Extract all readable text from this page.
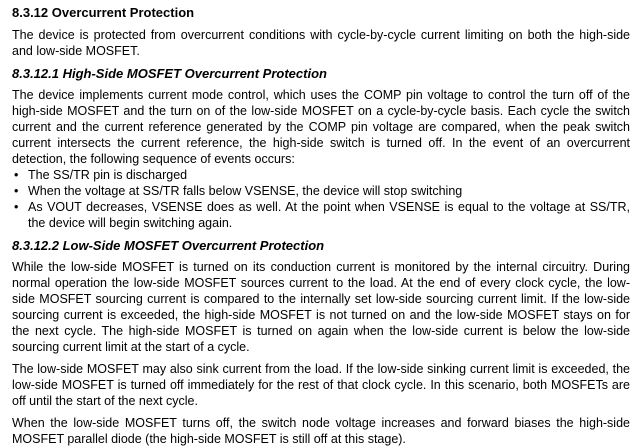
8.3.12 Overcurrent Protection

The device is protected from overcurrent conditions with cycle-by-cycle current limiting on both the high-side and low-side MOSFET.

8.3.12.1 High-Side MOSFET Overcurrent Protection

The device implements current mode control, which uses the COMP pin voltage to control the turn off of the high-side MOSFET and the turn on of the low-side MOSFET on a cycle-by-cycle basis. Each cycle the switch current and the current reference generated by the COMP pin voltage are compared, when the peak switch current intersects the current reference, the high-side switch is turned off. In the event of an overcurrent detection, the following sequence of events occurs:

• The SS/TR pin is discharged
• When the voltage at SS/TR falls below VSENSE, the device will stop switching
• As VOUT decreases, VSENSE does as well. At the point when VSENSE is equal to the voltage at SS/TR, the device will begin switching again.
8.3.12.2 Low-Side MOSFET Overcurrent Protection

While the low-side MOSFET is turned on its conduction current is monitored by the internal circuitry. During normal operation the low-side MOSFET sources current to the load. At the end of every clock cycle, the low-side MOSFET sourcing current is compared to the internally set low-side sourcing current limit. If the low-side sourcing current is exceeded, the high-side MOSFET is not turned on and the low-side MOSFET stays on for the next cycle. The high-side MOSFET is turned on again when the low-side current is below the low-side sourcing current limit at the start of a cycle.

The low-side MOSFET may also sink current from the load. If the low-side sinking current limit is exceeded, the low-side MOSFET is turned off immediately for the rest of that clock cycle. In this scenario, both MOSFETs are off until the start of the next cycle.

When the low-side MOSFET turns off, the switch node voltage increases and forward biases the high-side MOSFET parallel diode (the high-side MOSFET is still off at this stage).
